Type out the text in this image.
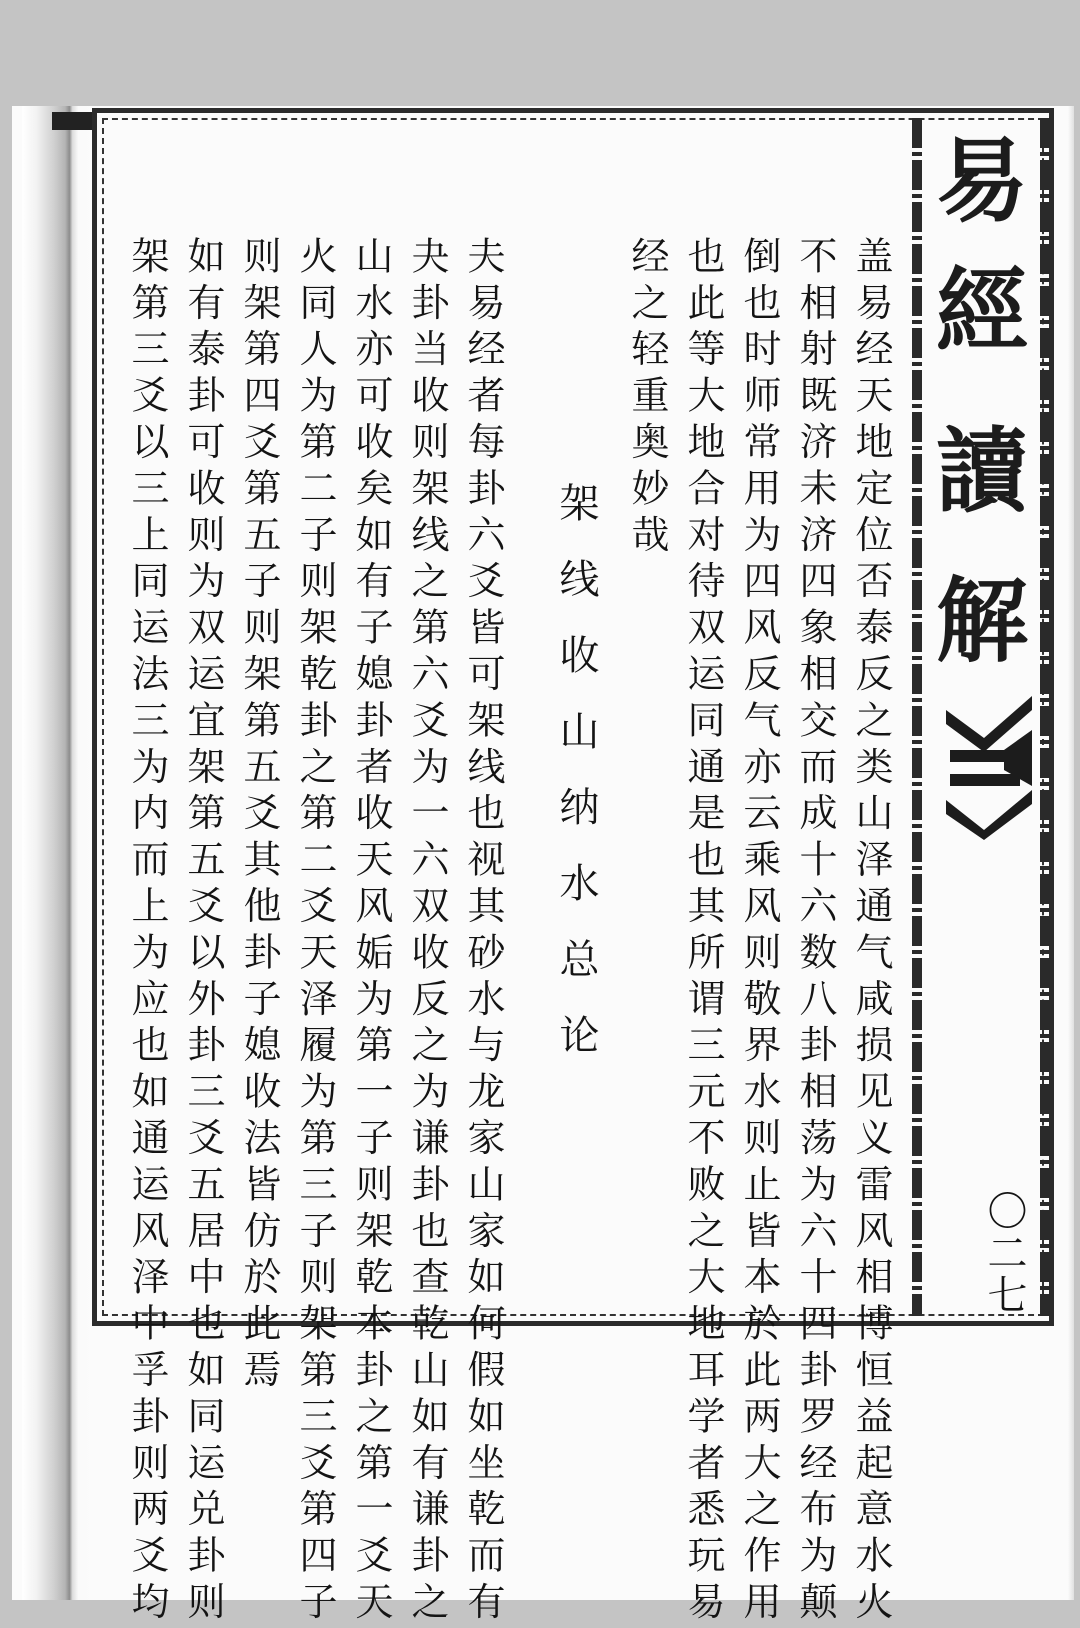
易
經
讀
解
〇二七
盖易经天地定位否泰反之类山泽通气咸损见义雷风相博恒益起意水火
不相射既济未济四象相交而成十六数八卦相荡为六十四卦罗经布为颠
倒也时师常用为四风反气亦云乘风则敬界水则止皆本於此两大之作用
也此等大地合对待双运同通是也其所谓三元不败之大地耳学者悉玩易
经之轻重奥妙哉
架线收山纳水总论
夫易经者每卦六爻皆可架线也视其砂水与龙家山家如何假如坐乾而有
夬卦当收则架线之第六爻为一六双收反之为谦卦也查乾山如有谦卦之
山水亦可收矣如有子媳卦者收天风姤为第一子则架乾本卦之第一爻天
火同人为第二子则架乾卦之第二爻天泽履为第三子则架第三爻第四子
则架第四爻第五子则架第五爻其他卦子媳收法皆仿於此焉
如有泰卦可收则为双运宜架第五爻以外卦三爻五居中也如同运兑卦则
架第三爻以三上同运法三为内而上为应也如通运风泽中孚卦则两爻均
